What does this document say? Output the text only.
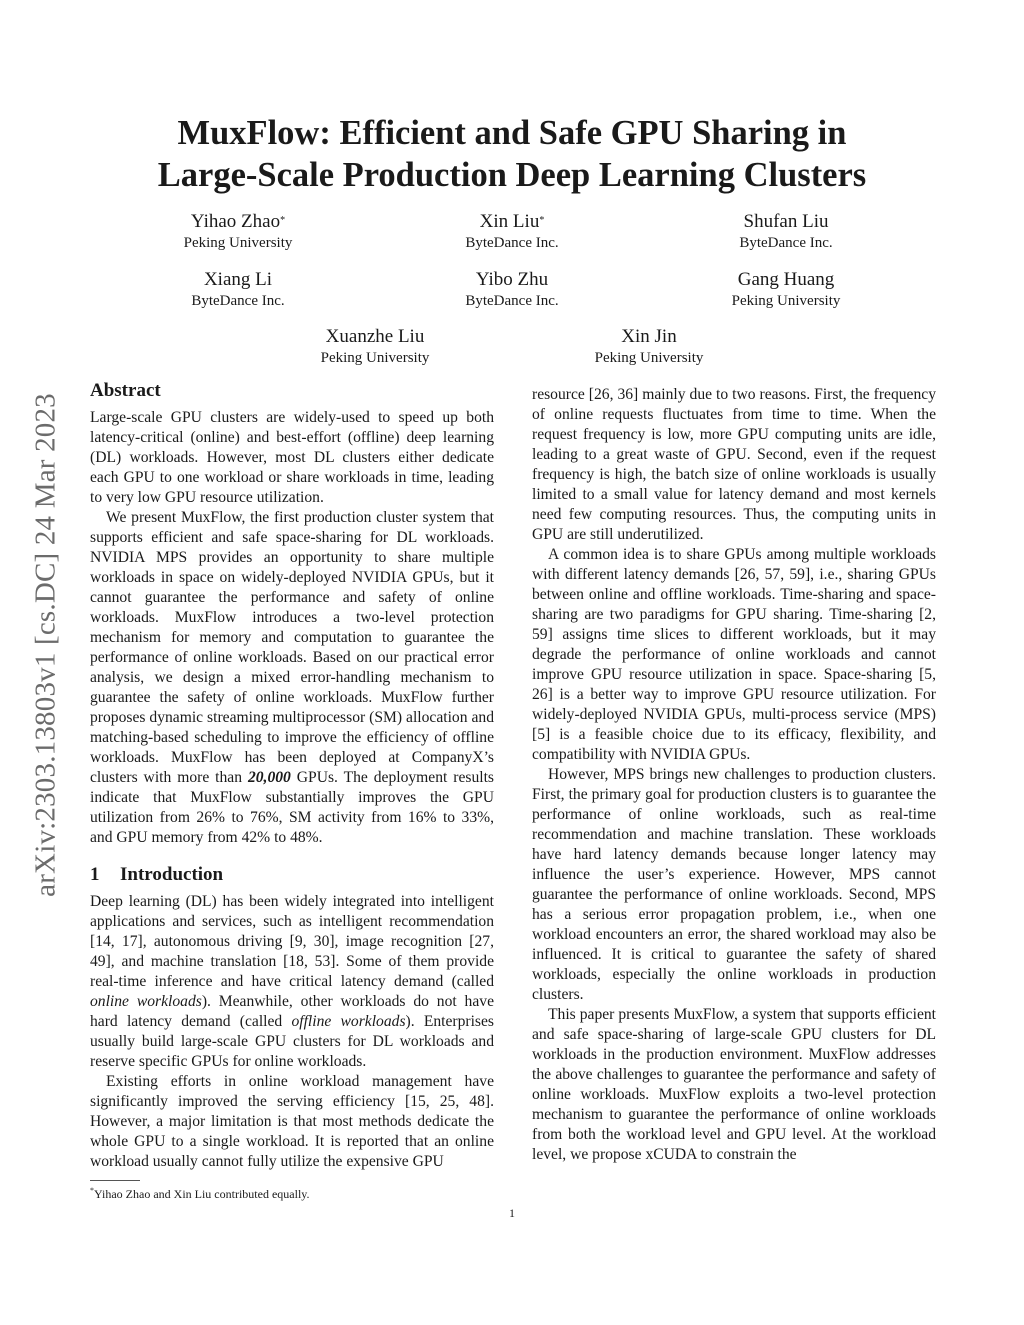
arXiv:2303.13803v1 [cs.DC] 24 Mar 2023
MuxFlow: Efficient and Safe GPU Sharing in
Large-Scale Production Deep Learning Clusters
Yihao Zhao*
Peking University
Xin Liu*
ByteDance Inc.
Shufan Liu
ByteDance Inc.
Xiang Li
ByteDance Inc.
Yibo Zhu
ByteDance Inc.
Gang Huang
Peking University
Xuanzhe Liu
Peking University
Xin Jin
Peking University
Abstract

Large-scale GPU clusters are widely-used to speed up both latency-critical (online) and best-effort (offline) deep learning (DL) workloads. However, most DL clusters either dedicate each GPU to one workload or share workloads in time, leading to very low GPU resource utilization.

We present MuxFlow, the first production cluster system that supports efficient and safe space-sharing for DL workloads. NVIDIA MPS provides an opportunity to share multiple workloads in space on widely-deployed NVIDIA GPUs, but it cannot guarantee the performance and safety of online workloads. MuxFlow introduces a two-level protection mechanism for memory and computation to guarantee the performance of online workloads. Based on our practical error analysis, we design a mixed error-handling mechanism to guarantee the safety of online workloads. MuxFlow further proposes dynamic streaming multiprocessor (SM) allocation and matching-based scheduling to improve the efficiency of offline workloads. MuxFlow has been deployed at CompanyX’s clusters with more than 20,000 GPUs. The deployment results indicate that MuxFlow substantially improves the GPU utilization from 26% to 76%, SM activity from 16% to 33%, and GPU memory from 42% to 48%.

1 Introduction

Deep learning (DL) has been widely integrated into intelligent applications and services, such as intelligent recommendation [14, 17], autonomous driving [9, 30], image recognition [27, 49], and machine translation [18, 53]. Some of them provide real-time inference and have critical latency demand (called online workloads). Meanwhile, other workloads do not have hard latency demand (called offline workloads). Enterprises usually build large-scale GPU clusters for DL workloads and reserve specific GPUs for online workloads.

Existing efforts in online workload management have significantly improved the serving efficiency [15, 25, 48]. However, a major limitation is that most methods dedicate the whole GPU to a single workload. It is reported that an online workload usually cannot fully utilize the expensive GPU

resource [26, 36] mainly due to two reasons. First, the frequency of online requests fluctuates from time to time. When the request frequency is low, more GPU computing units are idle, leading to a great waste of GPU. Second, even if the request frequency is high, the batch size of online workloads is usually limited to a small value for latency demand and most kernels need few computing resources. Thus, the computing units in GPU are still underutilized.

A common idea is to share GPUs among multiple workloads with different latency demands [26, 57, 59], i.e., sharing GPUs between online and offline workloads. Time-sharing and space-sharing are two paradigms for GPU sharing. Time-sharing [2, 59] assigns time slices to different workloads, but it may degrade the performance of online workloads and cannot improve GPU resource utilization in space. Space-sharing [5, 26] is a better way to improve GPU resource utilization. For widely-deployed NVIDIA GPUs, multi-process service (MPS) [5] is a feasible choice due to its efficacy, flexibility, and compatibility with NVIDIA GPUs.

However, MPS brings new challenges to production clusters. First, the primary goal for production clusters is to guarantee the performance of online workloads, such as real-time recommendation and machine translation. These workloads have hard latency demands because longer latency may influence the user’s experience. However, MPS cannot guarantee the performance of online workloads. Second, MPS has a serious error propagation problem, i.e., when one workload encounters an error, the shared workload may also be influenced. It is critical to guarantee the safety of shared workloads, especially the online workloads in production clusters.

This paper presents MuxFlow, a system that supports efficient and safe space-sharing of large-scale GPU clusters for DL workloads in the production environment. MuxFlow addresses the above challenges to guarantee the performance and safety of online workloads. MuxFlow exploits a two-level protection mechanism to guarantee the performance of online workloads from both the workload level and GPU level. At the workload level, we propose xCUDA to constrain the

*Yihao Zhao and Xin Liu contributed equally.
1
